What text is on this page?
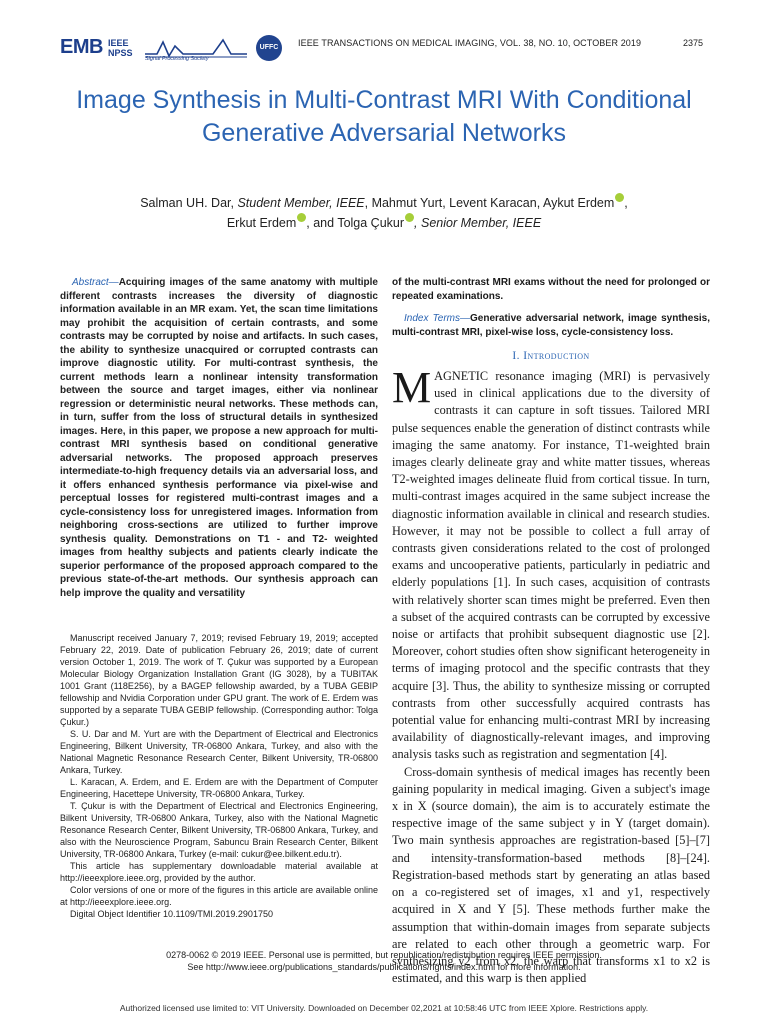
EMB IEEE
NPSS
Signal Processing Society
UFFC	IEEE TRANSACTIONS ON MEDICAL IMAGING, VOL. 38, NO. 10, OCTOBER 2019	2375
Image Synthesis in Multi-Contrast MRI With Conditional Generative Adversarial Networks
Salman UH. Dar, Student Member, IEEE, Mahmut Yurt, Levent Karacan, Aykut Erdem ,
Erkut Erdem , and Tolga Çukur , Senior Member, IEEE
Abstract—Acquiring images of the same anatomy with multiple different contrasts increases the diversity of diagnostic information available in an MR exam. Yet, the scan time limitations may prohibit the acquisition of certain contrasts, and some contrasts may be corrupted by noise and artifacts. In such cases, the ability to synthesize unacquired or corrupted contrasts can improve diagnostic utility. For multi-contrast synthesis, the current methods learn a nonlinear intensity transformation between the source and target images, either via nonlinear regression or deterministic neural networks. These methods can, in turn, suffer from the loss of structural details in synthesized images. Here, in this paper, we propose a new approach for multi-contrast MRI synthesis based on conditional generative adversarial networks. The proposed approach preserves intermediate-to-high frequency details via an adversarial loss, and it offers enhanced synthesis performance via pixel-wise and perceptual losses for registered multi-contrast images and a cycle-consistency loss for unregistered images. Information from neighboring cross-sections are utilized to further improve synthesis quality. Demonstrations on T1 - and T2- weighted images from healthy subjects and patients clearly indicate the superior performance of the proposed approach compared to the previous state-of-the-art methods. Our synthesis approach can help improve the quality and versatility

Manuscript received January 7, 2019; revised February 19, 2019; accepted February 22, 2019. Date of publication February 26, 2019; date of current version October 1, 2019. The work of T. Çukur was supported by a European Molecular Biology Organization Installation Grant (IG 3028), by a TUBITAK 1001 Grant (118E256), by a BAGEP fellowship awarded, by a TUBA GEBIP fellowship and Nvidia Corporation under GPU grant. The work of E. Erdem was supported by a separate TUBA GEBIP fellowship. (Corresponding author: Tolga Çukur.)

S. U. Dar and M. Yurt are with the Department of Electrical and Electronics Engineering, Bilkent University, TR-06800 Ankara, Turkey, and also with the National Magnetic Resonance Research Center, Bilkent University, TR-06800 Ankara, Turkey.

L. Karacan, A. Erdem, and E. Erdem are with the Department of Computer Engineering, Hacettepe University, TR-06800 Ankara, Turkey.

T. Çukur is with the Department of Electrical and Electronics Engineering, Bilkent University, TR-06800 Ankara, Turkey, also with the National Magnetic Resonance Research Center, Bilkent University, TR-06800 Ankara, Turkey, and also with the Neuroscience Program, Sabuncu Brain Research Center, Bilkent University, TR-06800 Ankara, Turkey (e-mail: cukur@ee.bilkent.edu.tr).

This article has supplementary downloadable material available at http://ieeexplore.ieee.org, provided by the author.

Color versions of one or more of the figures in this article are available online at http://ieeexplore.ieee.org.

Digital Object Identifier 10.1109/TMI.2019.2901750

of the multi-contrast MRI exams without the need for prolonged or repeated examinations.
Index Terms—Generative adversarial network, image synthesis, multi-contrast MRI, pixel-wise loss, cycle-consistency loss.
I. Introduction

MAGNETIC resonance imaging (MRI) is pervasively used in clinical applications due to the diversity of contrasts it can capture in soft tissues. Tailored MRI pulse sequences enable the generation of distinct contrasts while imaging the same anatomy. For instance, T1-weighted brain images clearly delineate gray and white matter tissues, whereas T2-weighted images delineate fluid from cortical tissue. In turn, multi-contrast images acquired in the same subject increase the diagnostic information available in clinical and research studies. However, it may not be possible to collect a full array of contrasts given considerations related to the cost of prolonged exams and uncooperative patients, particularly in pediatric and elderly populations [1]. In such cases, acquisition of contrasts with relatively shorter scan times might be preferred. Even then a subset of the acquired contrasts can be corrupted by excessive noise or artifacts that prohibit subsequent diagnostic use [2]. Moreover, cohort studies often show significant heterogeneity in terms of imaging protocol and the specific contrasts that they acquire [3]. Thus, the ability to synthesize missing or corrupted contrasts from other successfully acquired contrasts has potential value for enhancing multi-contrast MRI by increasing availability of diagnostically-relevant images, and improving analysis tasks such as registration and segmentation [4].

Cross-domain synthesis of medical images has recently been gaining popularity in medical imaging. Given a subject's image x in X (source domain), the aim is to accurately estimate the respective image of the same subject y in Y (target domain). Two main synthesis approaches are registration-based [5]–[7] and intensity-transformation-based methods [8]–[24]. Registration-based methods start by generating an atlas based on a co-registered set of images, x1 and y1, respectively acquired in X and Y [5]. These methods further make the assumption that within-domain images from separate subjects are related to each other through a geometric warp. For synthesizing y2 from x2, the warp that transforms x1 to x2 is estimated, and this warp is then applied

0278-0062 © 2019 IEEE. Personal use is permitted, but republication/redistribution requires IEEE permission.
See http://www.ieee.org/publications_standards/publications/rights/index.html for more information.
Authorized licensed use limited to: VIT University. Downloaded on December 02,2021 at 10:58:46 UTC from IEEE Xplore. Restrictions apply.
